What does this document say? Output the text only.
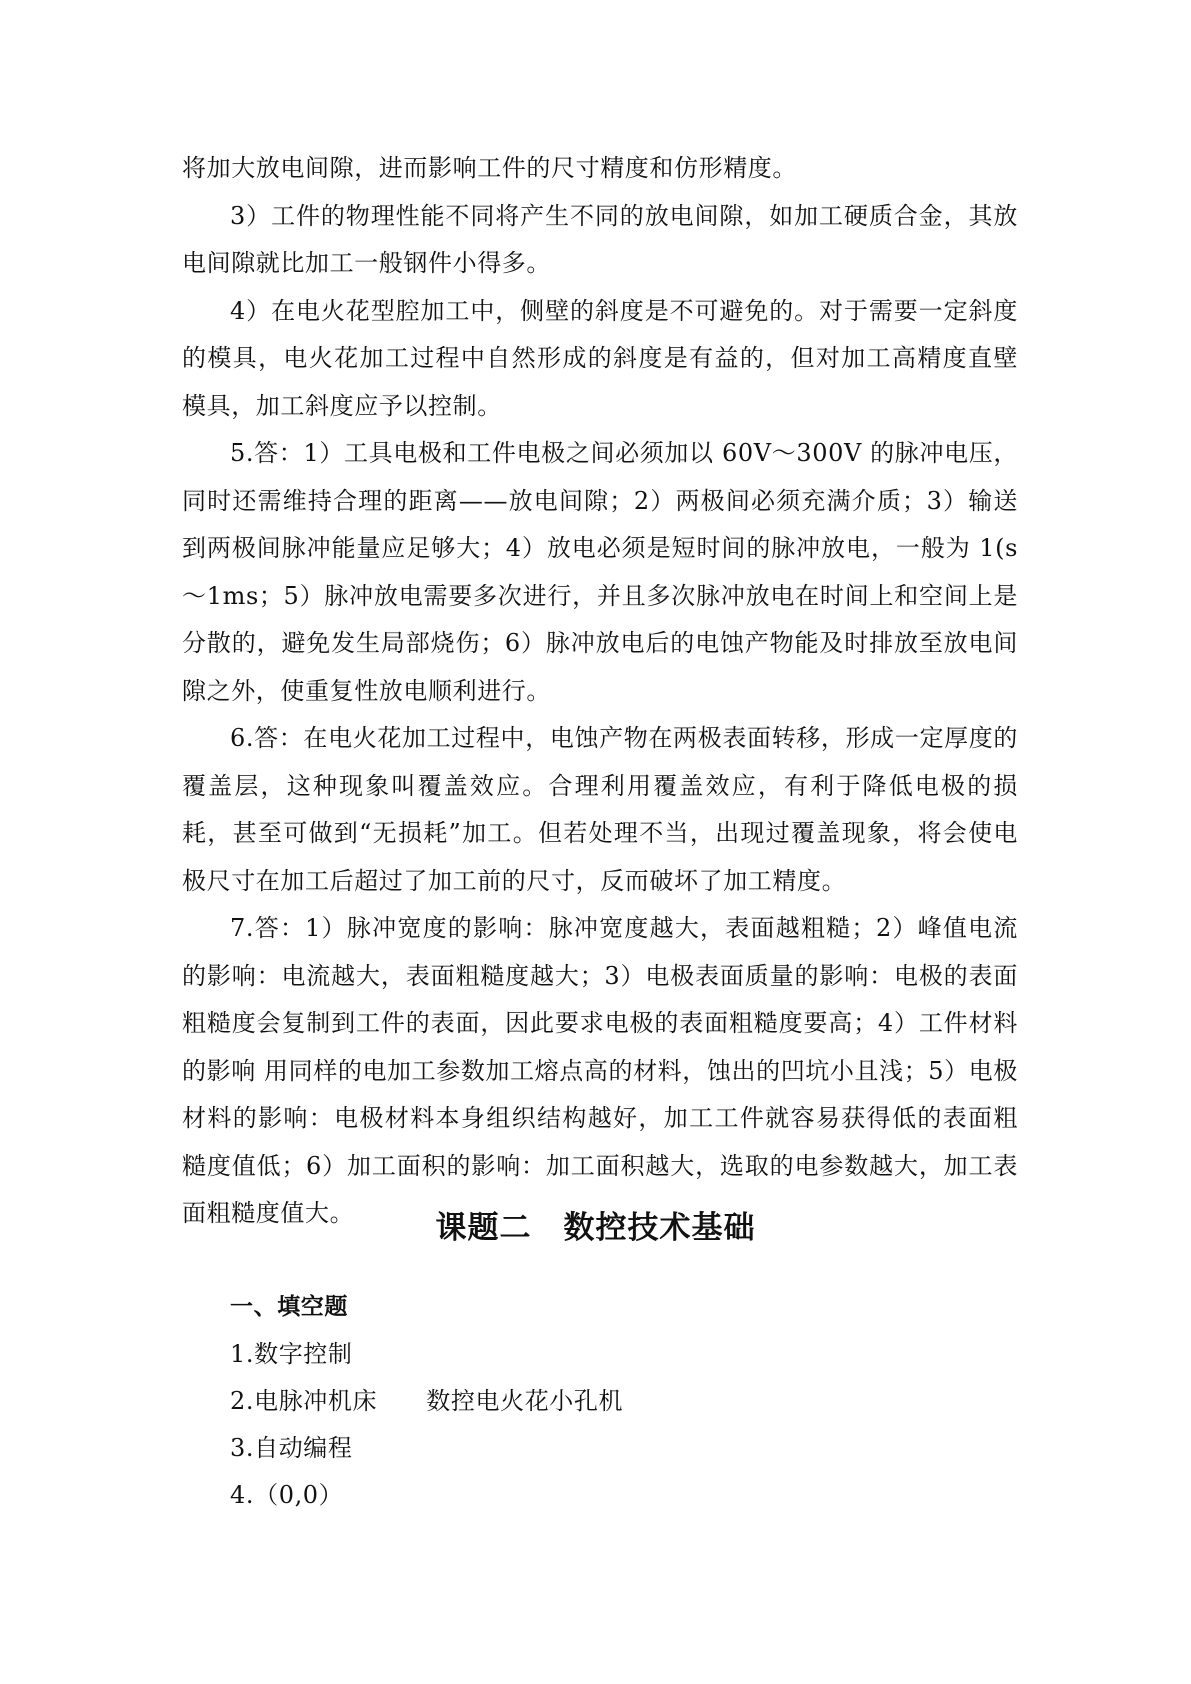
将加大放电间隙，进而影响工件的尺寸精度和仿形精度。

3）工件的物理性能不同将产生不同的放电间隙，如加工硬质合金，其放电间隙就比加工一般钢件小得多。

4）在电火花型腔加工中，侧壁的斜度是不可避免的。对于需要一定斜度的模具，电火花加工过程中自然形成的斜度是有益的，但对加工高精度直壁模具，加工斜度应予以控制。

5.答：1）工具电极和工件电极之间必须加以 60V～300V 的脉冲电压，同时还需维持合理的距离——放电间隙；2）两极间必须充满介质；3）输送到两极间脉冲能量应足够大；4）放电必须是短时间的脉冲放电，一般为 1(s～1ms；5）脉冲放电需要多次进行，并且多次脉冲放电在时间上和空间上是分散的，避免发生局部烧伤；6）脉冲放电后的电蚀产物能及时排放至放电间隙之外，使重复性放电顺利进行。

6.答：在电火花加工过程中，电蚀产物在两极表面转移，形成一定厚度的覆盖层，这种现象叫覆盖效应。合理利用覆盖效应，有利于降低电极的损耗，甚至可做到“无损耗”加工。但若处理不当，出现过覆盖现象，将会使电极尺寸在加工后超过了加工前的尺寸，反而破坏了加工精度。

7.答：1）脉冲宽度的影响：脉冲宽度越大，表面越粗糙；2）峰值电流的影响：电流越大，表面粗糙度越大；3）电极表面质量的影响：电极的表面粗糙度会复制到工件的表面，因此要求电极的表面粗糙度要高；4）工件材料的影响 用同样的电加工参数加工熔点高的材料，蚀出的凹坑小且浅；5）电极材料的影响：电极材料本身组织结构越好，加工工件就容易获得低的表面粗糙度值低；6）加工面积的影响：加工面积越大，选取的电参数越大，加工表面粗糙度值大。	课题二　数控技术基础

一、填空题

1.数字控制

2.电脉冲机床　　数控电火花小孔机

3.自动编程

4.（0,0）
